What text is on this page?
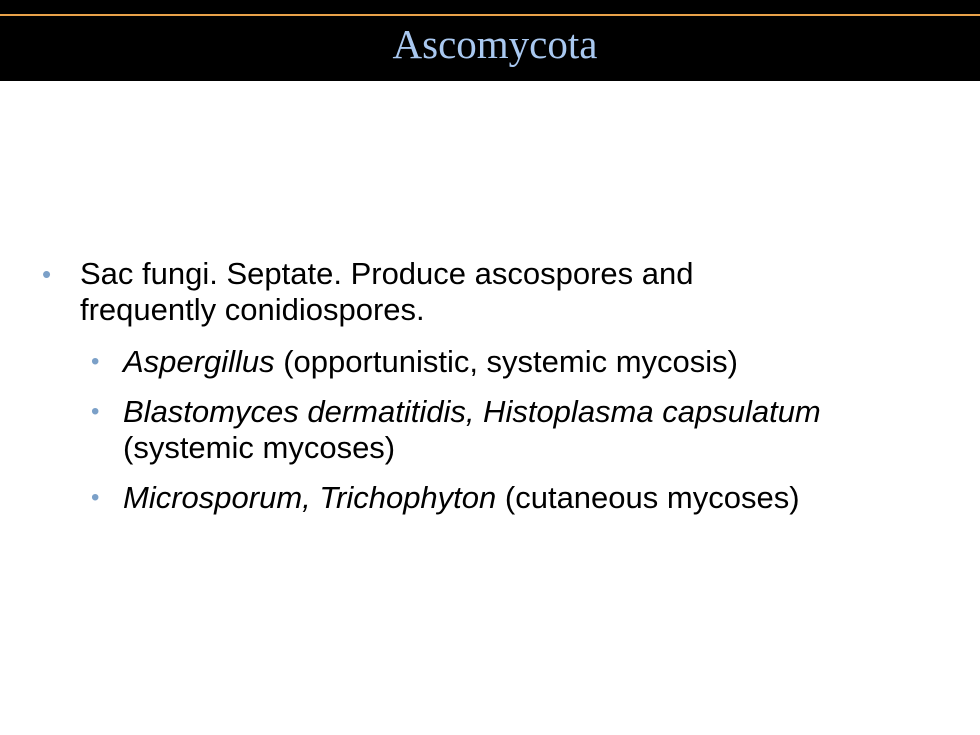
Ascomycota
• Sac fungi. Septate. Produce ascospores and frequently conidiospores.
• Aspergillus (opportunistic, systemic mycosis)
• Blastomyces dermatitidis, Histoplasma capsulatum (systemic mycoses)
• Microsporum, Trichophyton (cutaneous mycoses)
